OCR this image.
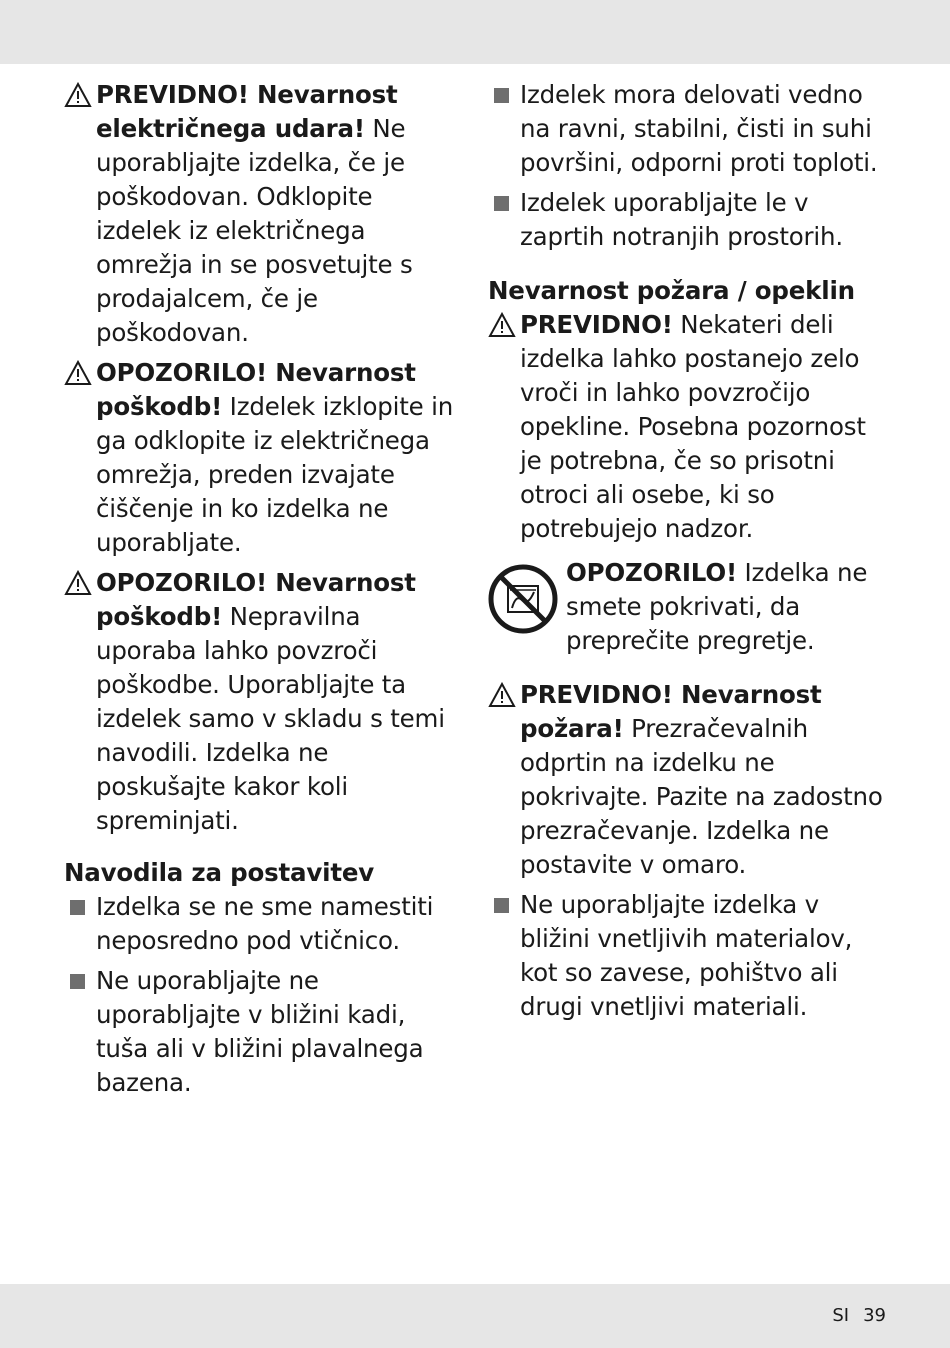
PREVIDNO! Nevarnost električnega udara! Ne uporabljajte izdelka, če je poškodovan. Odklopite izdelek iz električnega omrežja in se posvetujte s prodajalcem, če je poškodovan.

OPOZORILO! Nevarnost poškodb! Izdelek izklopite in ga odklopite iz električnega omrežja, preden izvajate čiščenje in ko izdelka ne uporabljate.

OPOZORILO! Nevarnost poškodb! Nepravilna uporaba lahko povzroči poškodbe. Uporabljajte ta izdelek samo v skladu s temi navodili. Izdelka ne poskušajte kakor koli spreminjati.

Navodila za postavitev

Izdelka se ne sme namestiti neposredno pod vtičnico.

Ne uporabljajte ne uporabljajte v bližini kadi, tuša ali v bližini plavalnega bazena.

Izdelek mora delovati vedno na ravni, stabilni, čisti in suhi površini, odporni proti toploti.

Izdelek uporabljajte le v zaprtih notranjih prostorih.

Nevarnost požara / opeklin

PREVIDNO! Nekateri deli izdelka lahko postanejo zelo vroči in lahko povzročijo opekline. Posebna pozornost je potrebna, če so prisotni otroci ali osebe, ki so potrebujejo nadzor.

OPOZORILO! Izdelka ne smete pokrivati, da preprečite pregretje.

PREVIDNO! Nevarnost požara! Prezračevalnih odprtin na izdelku ne pokrivajte. Pazite na zadostno prezračevanje. Izdelka ne postavite v omaro.

Ne uporabljajte izdelka v bližini vnetljivih materialov, kot so zavese, pohištvo ali drugi vnetljivi materiali.

SI 39
